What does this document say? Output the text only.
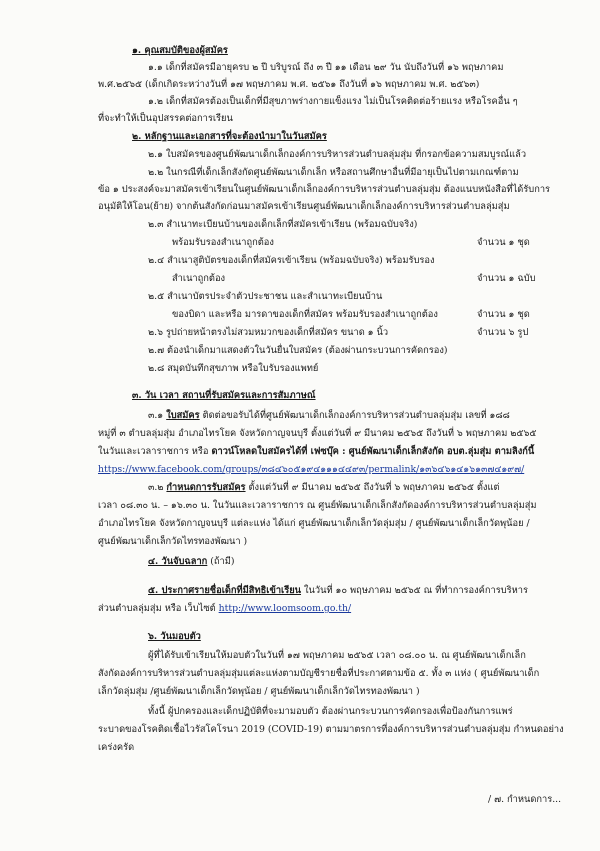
๑. คุณสมบัติของผู้สมัคร
๑.๑ เด็กที่สมัครมีอายุครบ ๒ ปี บริบูรณ์ ถึง ๓ ปี ๑๑ เดือน ๒๙ วัน นับถึงวันที่ ๑๖ พฤษภาคม
พ.ศ.๒๕๖๕ (เด็กเกิดระหว่างวันที่ ๑๗ พฤษภาคม พ.ศ. ๒๕๖๑ ถึงวันที่ ๑๖ พฤษภาคม พ.ศ. ๒๕๖๓)
๑.๒ เด็กที่สมัครต้องเป็นเด็กที่มีสุขภาพร่างกายแข็งแรง ไม่เป็นโรคติดต่อร้ายแรง หรือโรคอื่น ๆ
ที่จะทำให้เป็นอุปสรรคต่อการเรียน
๒. หลักฐานและเอกสารที่จะต้องนำมาในวันสมัคร
๒.๑ ใบสมัครของศูนย์พัฒนาเด็กเล็กองค์การบริหารส่วนตำบลลุ่มสุ่ม ที่กรอกข้อความสมบูรณ์แล้ว
๒.๒ ในกรณีที่เด็กเล็กสังกัดศูนย์พัฒนาเด็กเล็ก หรือสถานศึกษาอื่นที่มีอายุเป็นไปตามเกณฑ์ตาม
ข้อ ๑ ประสงค์จะมาสมัครเข้าเรียนในศูนย์พัฒนาเด็กเล็กองค์การบริหารส่วนตำบลลุ่มสุ่ม ต้องแนบหนังสือที่ได้รับการ
อนุมัติให้โอน(ย้าย) จากต้นสังกัดก่อนมาสมัครเข้าเรียนศูนย์พัฒนาเด็กเล็กองค์การบริหารส่วนตำบลลุ่มสุ่ม
๒.๓ สำเนาทะเบียนบ้านของเด็กเล็กที่สมัครเข้าเรียน (พร้อมฉบับจริง)
พร้อมรับรองสำเนาถูกต้อง	จำนวน ๑ ชุด
๒.๔ สำเนาสูติบัตรของเด็กที่สมัครเข้าเรียน (พร้อมฉบับจริง) พร้อมรับรอง
สำเนาถูกต้อง	จำนวน ๑ ฉบับ
๒.๕ สำเนาบัตรประจำตัวประชาชน และสำเนาทะเบียนบ้าน
ของบิดา และหรือ มารดาของเด็กที่สมัคร พร้อมรับรองสำเนาถูกต้อง	จำนวน ๑ ชุด
๒.๖ รูปถ่ายหน้าตรงไม่สวมหมวกของเด็กที่สมัคร ขนาด ๑ นิ้ว	จำนวน ๖ รูป
๒.๗ ต้องนำเด็กมาแสดงตัวในวันยื่นใบสมัคร (ต้องผ่านกระบวนการคัดกรอง)
๒.๘ สมุดบันทึกสุขภาพ หรือใบรับรองแพทย์
๓. วัน เวลา สถานที่รับสมัครและการสัมภาษณ์
๓.๑ ใบสมัคร ติดต่อขอรับได้ที่ศูนย์พัฒนาเด็กเล็กองค์การบริหารส่วนตำบลลุ่มสุ่ม เลขที่ ๑๘๘
หมู่ที่ ๓ ตำบลลุ่มสุ่ม อำเภอไทรโยค จังหวัดกาญจนบุรี ตั้งแต่วันที่ ๙ มีนาคม ๒๕๖๕ ถึงวันที่ ๖ พฤษภาคม ๒๕๖๕
ในวันและเวลาราชการ หรือ ดาวน์โหลดใบสมัครได้ที่ เฟซบุ๊ค : ศูนย์พัฒนาเด็กเล็กสังกัด อบต.ลุ่มสุ่ม ตามลิงก์นี้
https://www.facebook.com/groups/๓๘๔๖๐๕๑๙๔๑๑๑๔๔๙๓/permalink/๑๓๖๔๖๑๔๑๖๑๓๗๔๑๙๗/
๓.๒ กำหนดการรับสมัคร ตั้งแต่วันที่ ๙ มีนาคม ๒๕๖๕ ถึงวันที่ ๖ พฤษภาคม ๒๕๖๕ ตั้งแต่
เวลา ๐๘.๓๐ น. – ๑๖.๓๐ น. ในวันและเวลาราชการ ณ ศูนย์พัฒนาเด็กเล็กสังกัดองค์การบริหารส่วนตำบลลุ่มสุ่ม
อำเภอไทรโยค จังหวัดกาญจนบุรี แต่ละแห่ง ได้แก่ ศูนย์พัฒนาเด็กเล็กวัดลุ่มสุ่ม / ศูนย์พัฒนาเด็กเล็กวัดพุน้อย /
ศูนย์พัฒนาเด็กเล็กวัดไทรทองพัฒนา )
๔. วันจับฉลาก (ถ้ามี)
๕. ประกาศรายชื่อเด็กที่มีสิทธิเข้าเรียน ในวันที่ ๑๐ พฤษภาคม ๒๕๖๕ ณ ที่ทำการองค์การบริหาร
ส่วนตำบลลุ่มสุ่ม หรือ เว็บไซต์ http://www.loomsoom.go.th/
๖. วันมอบตัว
ผู้ที่ได้รับเข้าเรียนให้มอบตัวในวันที่ ๑๗ พฤษภาคม ๒๕๖๕ เวลา ๐๘.๐๐ น. ณ ศูนย์พัฒนาเด็กเล็ก
สังกัดองค์การบริหารส่วนตำบลลุ่มสุ่มแต่ละแห่งตามบัญชีรายชื่อที่ประกาศตามข้อ ๕. ทั้ง ๓ แห่ง ( ศูนย์พัฒนาเด็ก
เล็กวัดลุ่มสุ่ม /ศูนย์พัฒนาเด็กเล็กวัดพุน้อย / ศูนย์พัฒนาเด็กเล็กวัดไทรทองพัฒนา )
ทั้งนี้ ผู้ปกครองและเด็กปฏิบัติที่จะมามอบตัว ต้องผ่านกระบวนการคัดกรองเพื่อป้องกันการแพร่
ระบาดของโรคติดเชื้อไวรัสโคโรนา 2019 (COVID-19) ตามมาตรการที่องค์การบริหารส่วนตำบลลุ่มสุ่ม กำหนดอย่าง
เคร่งครัด
/ ๗. กำหนดการ...
